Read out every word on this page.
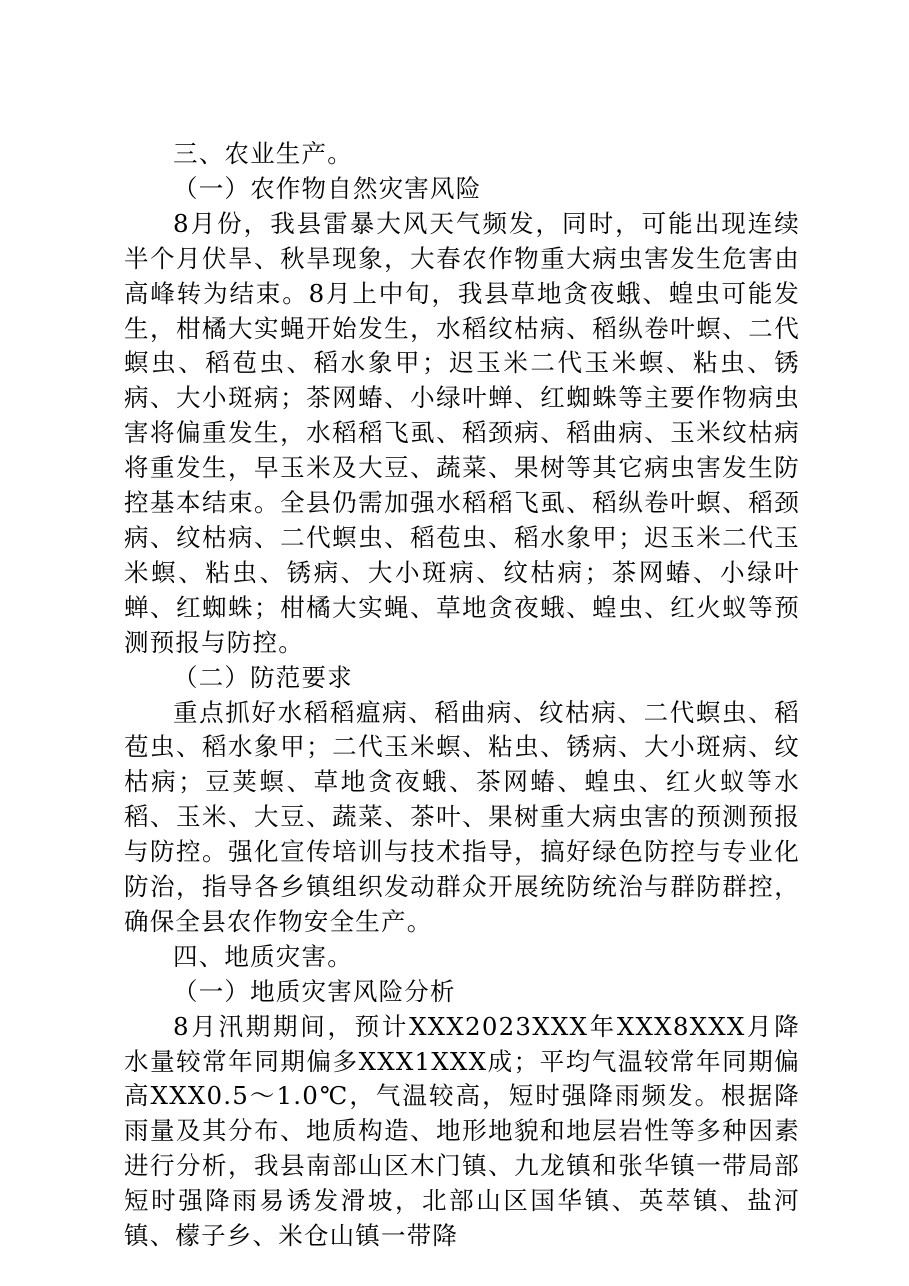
三、农业生产。

（一）农作物自然灾害风险

8月份，我县雷暴大风天气频发，同时，可能出现连续半个月伏旱、秋旱现象，大春农作物重大病虫害发生危害由高峰转为结束。8月上中旬，我县草地贪夜蛾、蝗虫可能发生，柑橘大实蝇开始发生，水稻纹枯病、稻纵卷叶螟、二代螟虫、稻苞虫、稻水象甲；迟玉米二代玉米螟、粘虫、锈病、大小斑病；茶网蝽、小绿叶蝉、红蜘蛛等主要作物病虫害将偏重发生，水稻稻飞虱、稻颈病、稻曲病、玉米纹枯病将重发生，早玉米及大豆、蔬菜、果树等其它病虫害发生防控基本结束。全县仍需加强水稻稻飞虱、稻纵卷叶螟、稻颈病、纹枯病、二代螟虫、稻苞虫、稻水象甲；迟玉米二代玉米螟、粘虫、锈病、大小斑病、纹枯病；茶网蝽、小绿叶蝉、红蜘蛛；柑橘大实蝇、草地贪夜蛾、蝗虫、红火蚁等预测预报与防控。

（二）防范要求

重点抓好水稻稻瘟病、稻曲病、纹枯病、二代螟虫、稻苞虫、稻水象甲；二代玉米螟、粘虫、锈病、大小斑病、纹枯病；豆荚螟、草地贪夜蛾、茶网蝽、蝗虫、红火蚁等水稻、玉米、大豆、蔬菜、茶叶、果树重大病虫害的预测预报与防控。强化宣传培训与技术指导，搞好绿色防控与专业化防治，指导各乡镇组织发动群众开展统防统治与群防群控，确保全县农作物安全生产。

四、地质灾害。

（一）地质灾害风险分析

8月汛期期间，预计XXX2023XXX年XXX8XXX月降水量较常年同期偏多XXX1XXX成；平均气温较常年同期偏高XXX0.5～1.0℃，气温较高，短时强降雨频发。根据降雨量及其分布、地质构造、地形地貌和地层岩性等多种因素进行分析，我县南部山区木门镇、九龙镇和张华镇一带局部短时强降雨易诱发滑坡，北部山区国华镇、英萃镇、盐河镇、檬子乡、米仓山镇一带降
